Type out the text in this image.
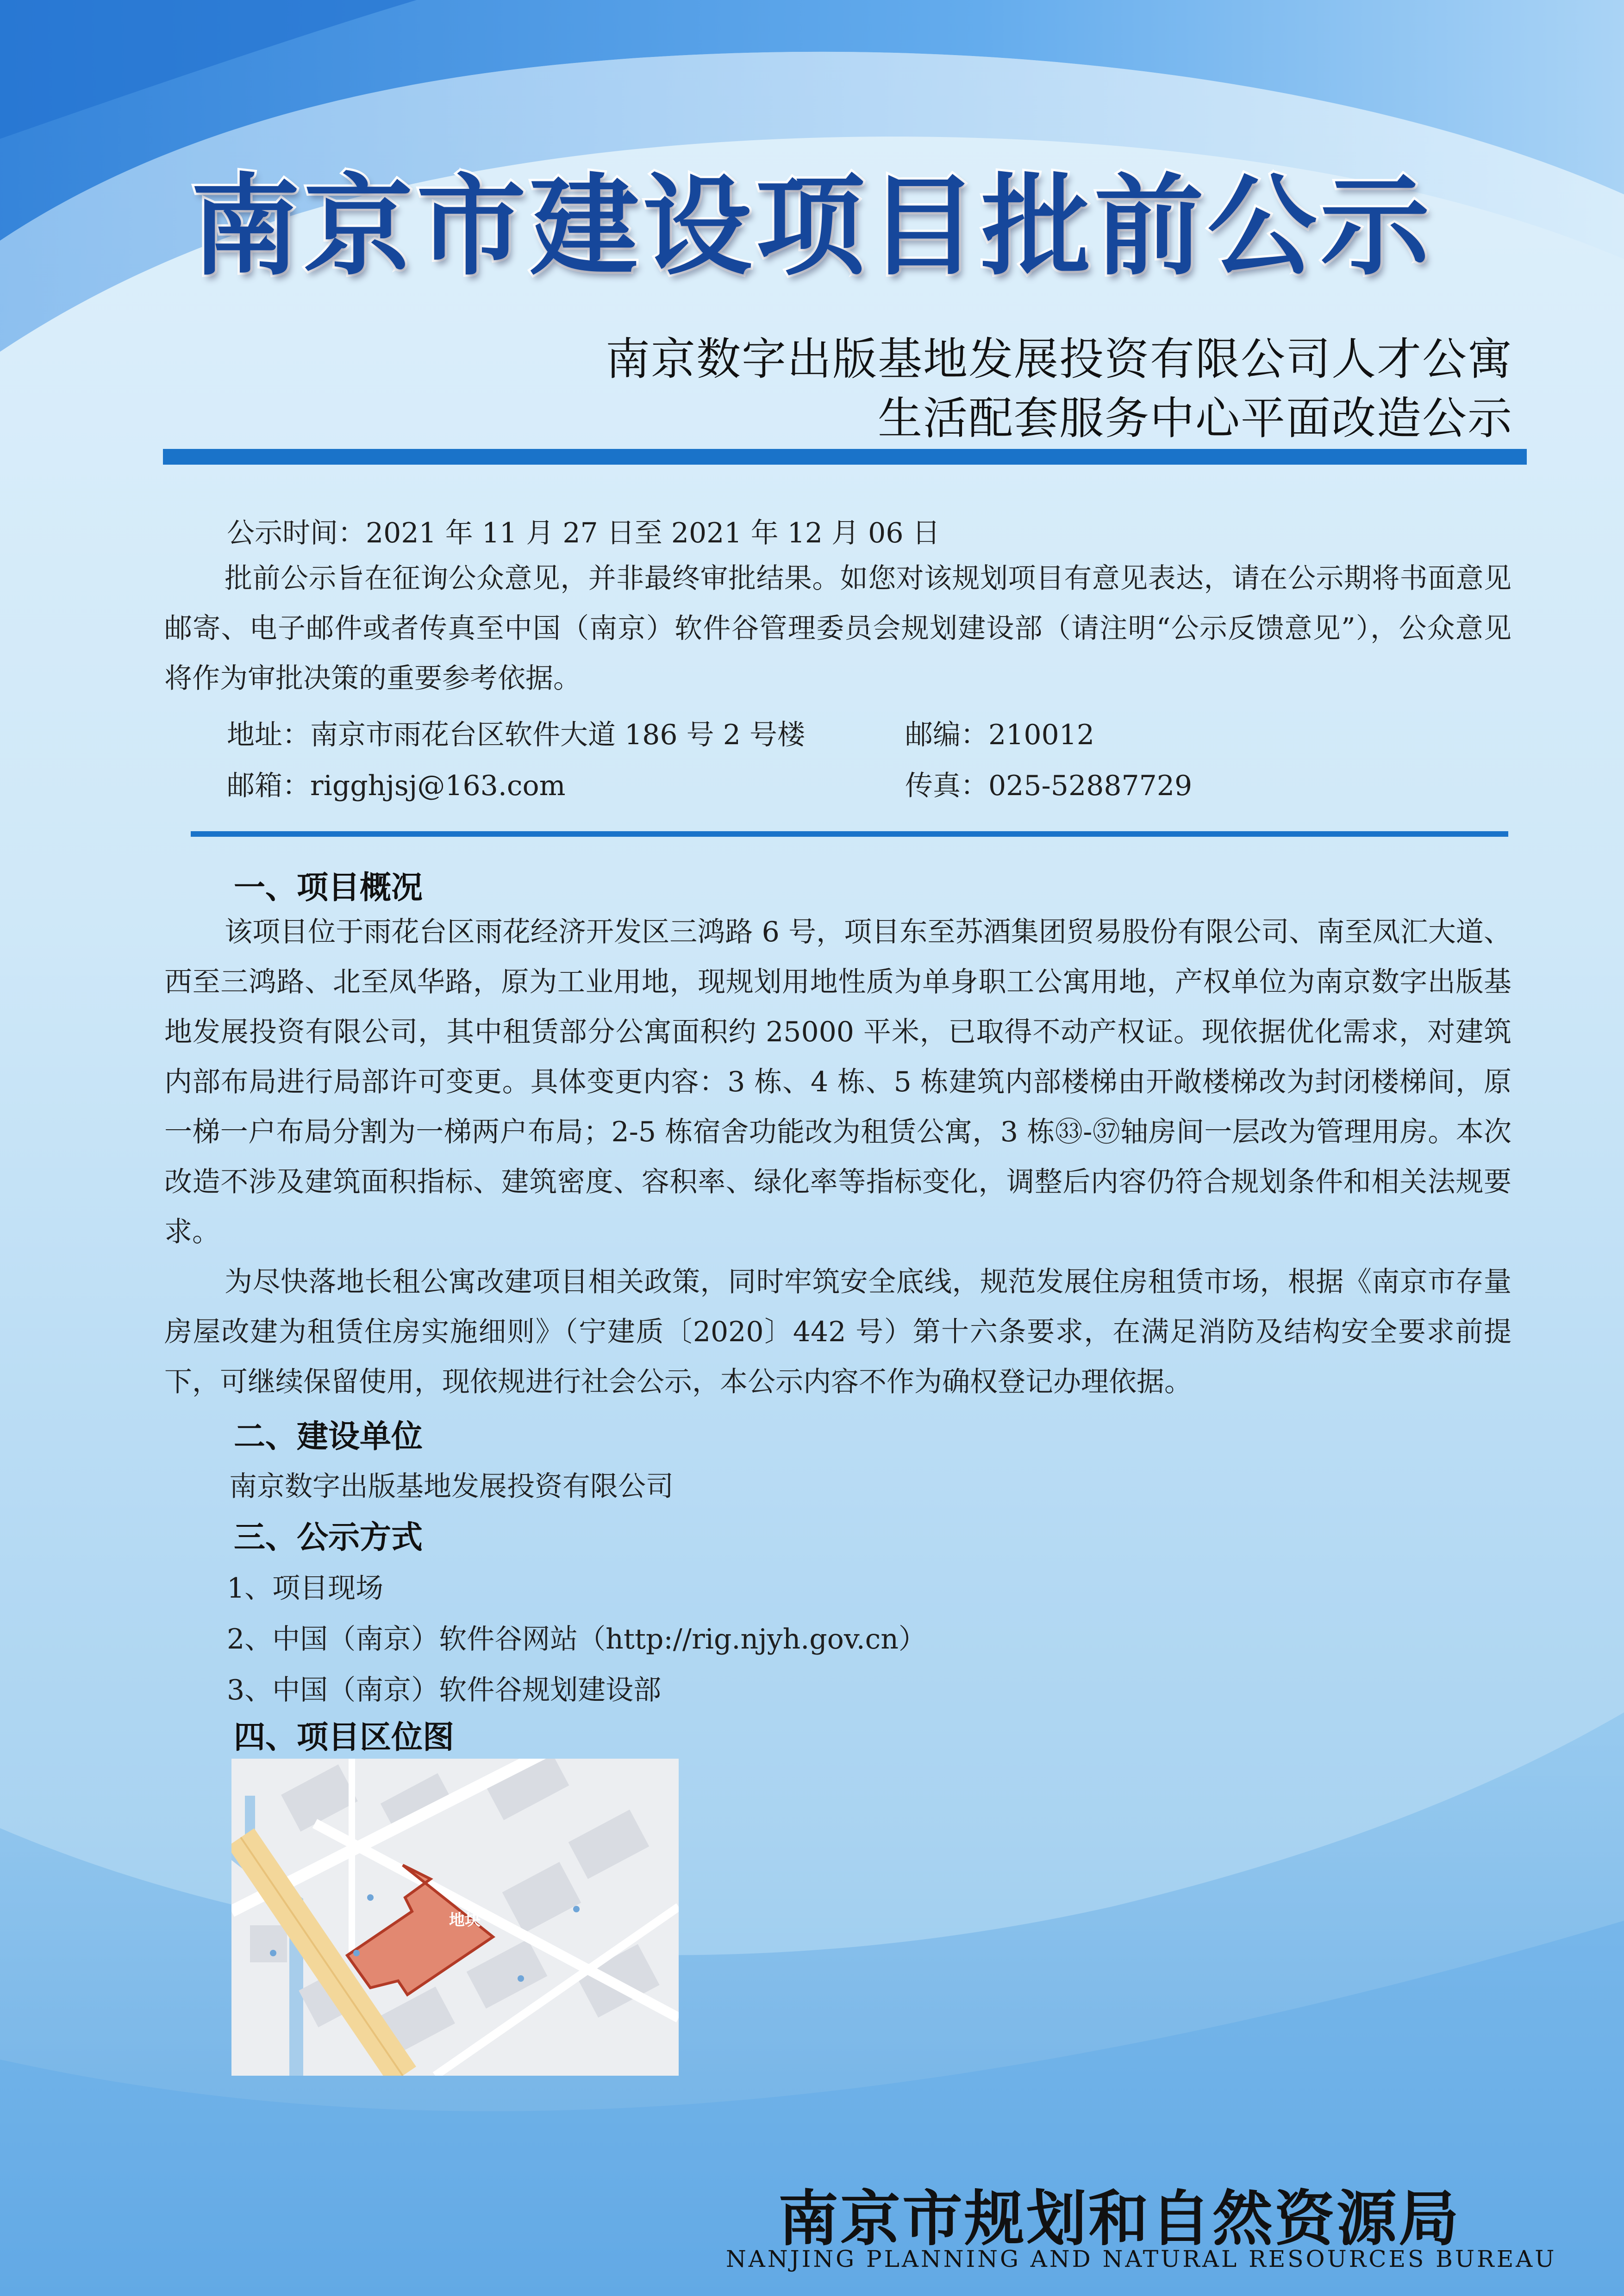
南京市建设项目批前公示
南京数字出版基地发展投资有限公司人才公寓
生活配套服务中心平面改造公示
公示时间：2021 年 11 月 27 日至 2021 年 12 月 06 日

批前公示旨在征询公众意见，并非最终审批结果。如您对该规划项目有意见表达，请在公示期将书面意见邮寄、电子邮件或者传真至中国（南京）软件谷管理委员会规划建设部（请注明“公示反馈意见”），公众意见将作为审批决策的重要参考依据。

地址：南京市雨花台区软件大道 186 号 2 号楼	邮编：210012
邮箱：rigghjsj@163.com	传真：025-52887729
一、项目概况

该项目位于雨花台区雨花经济开发区三鸿路 6 号，项目东至苏酒集团贸易股份有限公司、南至凤汇大道、西至三鸿路、北至凤华路，原为工业用地，现规划用地性质为单身职工公寓用地，产权单位为南京数字出版基地发展投资有限公司，其中租赁部分公寓面积约 25000 平米，已取得不动产权证。现依据优化需求，对建筑内部布局进行局部许可变更。具体变更内容：3 栋、4 栋、5 栋建筑内部楼梯由开敞楼梯改为封闭楼梯间，原一梯一户布局分割为一梯两户布局；2-5 栋宿舍功能改为租赁公寓，3 栋㉝-㊲轴房间一层改为管理用房。本次改造不涉及建筑面积指标、建筑密度、容积率、绿化率等指标变化，调整后内容仍符合规划条件和相关法规要求。

为尽快落地长租公寓改建项目相关政策，同时牢筑安全底线，规范发展住房租赁市场，根据《南京市存量房屋改建为租赁住房实施细则》（宁建质〔2020〕442 号）第十六条要求，在满足消防及结构安全要求前提下，可继续保留使用，现依规进行社会公示，本公示内容不作为确权登记办理依据。

二、建设单位
南京数字出版基地发展投资有限公司
三、公示方式
1、项目现场
2、中国（南京）软件谷网站（http://rig.njyh.gov.cn）
3、中国（南京）软件谷规划建设部
四、项目区位图
地块
南京市规划和自然资源局
NANJING PLANNING AND NATURAL RESOURCES BUREAU
